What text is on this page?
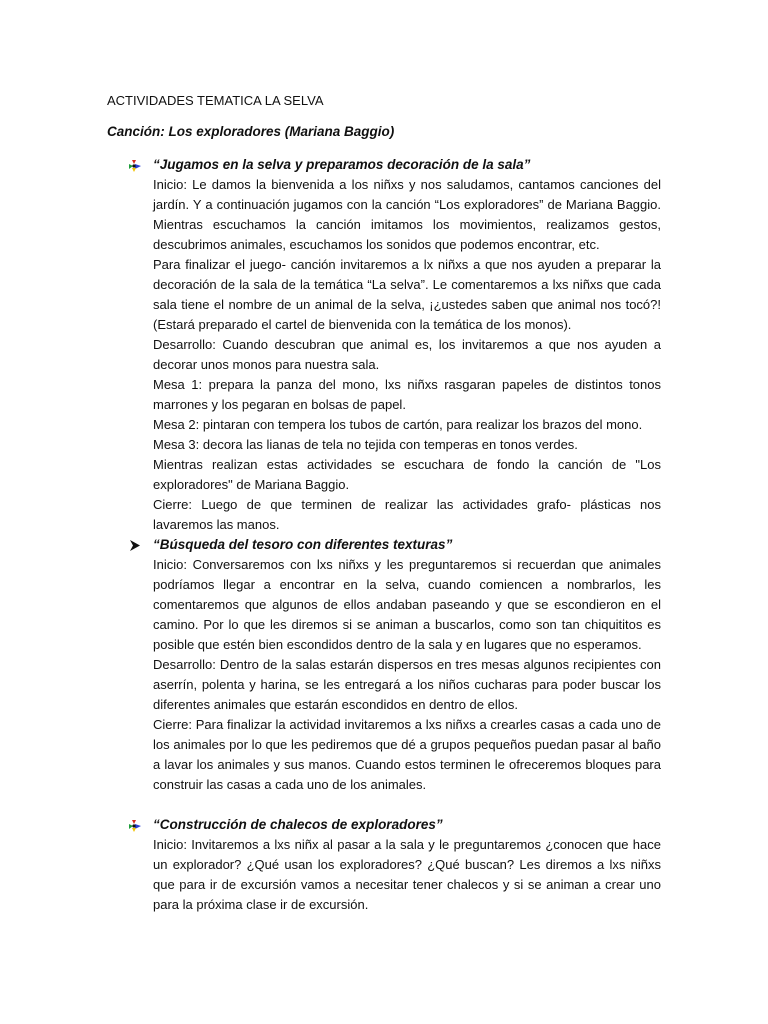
ACTIVIDADES TEMATICA LA SELVA
Canción: Los exploradores (Mariana Baggio)
“Jugamos en la selva y preparamos decoración de la sala”

Inicio: Le damos la bienvenida a los niñxs y nos saludamos, cantamos canciones del jardín. Y a continuación jugamos con la canción “Los exploradores” de Mariana Baggio. Mientras escuchamos la canción imitamos los movimientos, realizamos gestos, descubrimos animales, escuchamos los sonidos que podemos encontrar, etc.

Para finalizar el juego- canción invitaremos a lx niñxs a que nos ayuden a preparar la decoración de la sala de la temática “La selva”. Le comentaremos a lxs niñxs que cada sala tiene el nombre de un animal de la selva, ¡¿ustedes saben que animal nos tocó?! (Estará preparado el cartel de bienvenida con la temática de los monos).

Desarrollo: Cuando descubran que animal es, los invitaremos a que nos ayuden a decorar unos monos para nuestra sala.

Mesa 1: prepara la panza del mono, lxs niñxs rasgaran papeles de distintos tonos marrones y los pegaran en bolsas de papel.

Mesa 2: pintaran con tempera los tubos de cartón, para realizar los brazos del mono.

Mesa 3: decora las lianas de tela no tejida con temperas en tonos verdes.

Mientras realizan estas actividades se escuchara de fondo la canción de "Los exploradores" de Mariana Baggio.

Cierre: Luego de que terminen de realizar las actividades grafo- plásticas nos lavaremos las manos.

“Búsqueda del tesoro con diferentes texturas”

Inicio: Conversaremos con lxs niñxs y les preguntaremos si recuerdan que animales podríamos llegar a encontrar en la selva, cuando comiencen a nombrarlos, les comentaremos que algunos de ellos andaban paseando y que se escondieron en el camino. Por lo que les diremos si se animan a buscarlos, como son tan chiquititos es posible que estén bien escondidos dentro de la sala y en lugares que no esperamos.

Desarrollo: Dentro de la salas estarán dispersos en tres mesas algunos recipientes con aserrín, polenta y harina, se les entregará a los niños cucharas para poder buscar los diferentes animales que estarán escondidos en dentro de ellos.

Cierre: Para finalizar la actividad invitaremos a lxs niñxs a crearles casas a cada uno de los animales por lo que les pediremos que dé a grupos pequeños puedan pasar al baño a lavar los animales y sus manos. Cuando estos terminen le ofreceremos bloques para construir las casas a cada uno de los animales.

“Construcción de chalecos de exploradores”

Inicio: Invitaremos a lxs niñx al pasar a la sala y le preguntaremos ¿conocen que hace un explorador? ¿Qué usan los exploradores? ¿Qué buscan? Les diremos a lxs niñxs que para ir de excursión vamos a necesitar tener chalecos y si se animan a crear uno para la próxima clase ir de excursión.
